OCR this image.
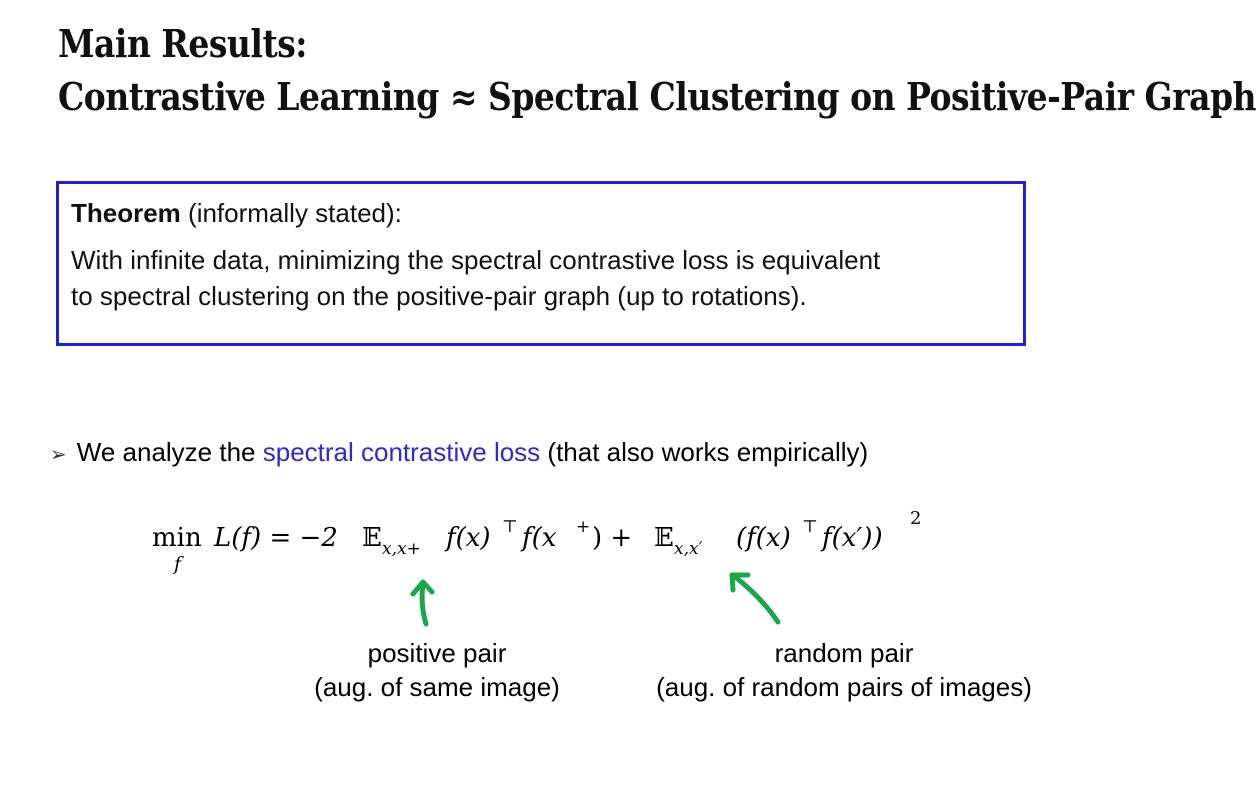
Main Results:
Contrastive Learning ≈ Spectral Clustering on Positive-Pair Graph
Theorem (informally stated):
With infinite data, minimizing the spectral contrastive loss is equivalent
to spectral clustering on the positive-pair graph (up to rotations).
➢ We analyze the spectral contrastive loss (that also works empirically)
min
f
L(f) = −2 𝔼 x,x+ f(x) ⊤ f(x + ) + 𝔼 x,x′ (f(x) ⊤ f(x′))
2
positive pair
(aug. of same image)
random pair
(aug. of random pairs of images)
